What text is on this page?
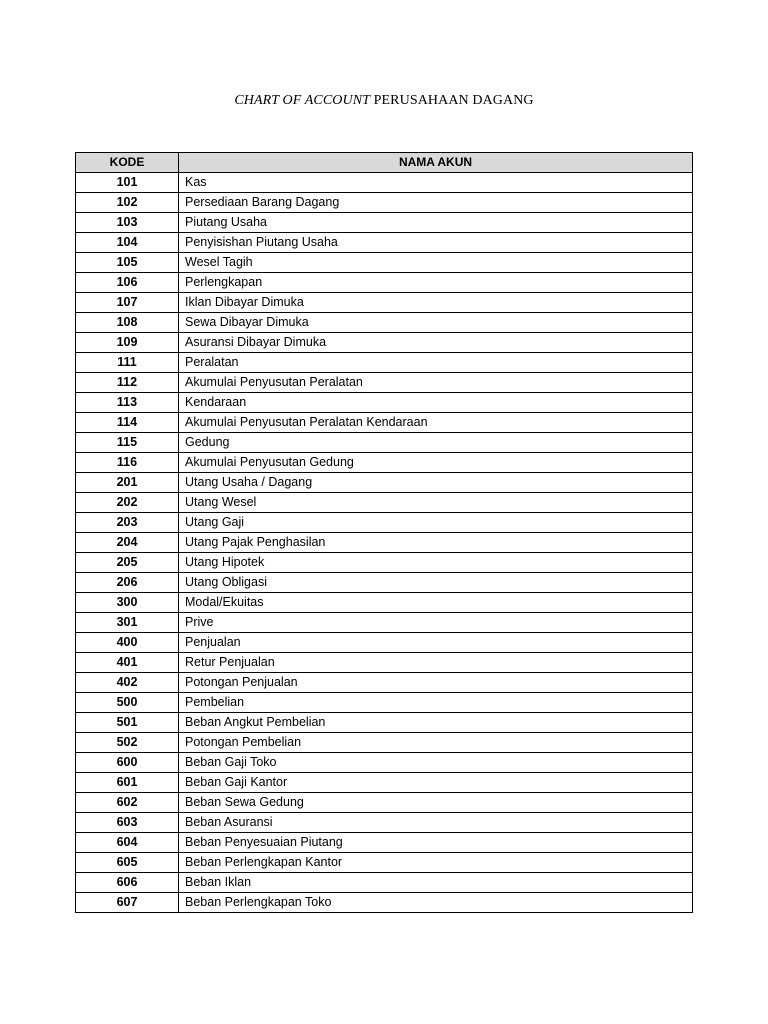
CHART OF ACCOUNT PERUSAHAAN DAGANG
KODE	NAMA AKUN
101	Kas
102	Persediaan Barang Dagang
103	Piutang Usaha
104	Penyisishan Piutang Usaha
105	Wesel Tagih
106	Perlengkapan
107	Iklan Dibayar Dimuka
108	Sewa Dibayar Dimuka
109	Asuransi Dibayar Dimuka
111	Peralatan
112	Akumulai Penyusutan Peralatan
113	Kendaraan
114	Akumulai Penyusutan Peralatan Kendaraan
115	Gedung
116	Akumulai Penyusutan Gedung
201	Utang Usaha / Dagang
202	Utang Wesel
203	Utang Gaji
204	Utang Pajak Penghasilan
205	Utang Hipotek
206	Utang Obligasi
300	Modal/Ekuitas
301	Prive
400	Penjualan
401	Retur Penjualan
402	Potongan Penjualan
500	Pembelian
501	Beban Angkut Pembelian
502	Potongan Pembelian
600	Beban Gaji Toko
601	Beban Gaji Kantor
602	Beban Sewa Gedung
603	Beban Asuransi
604	Beban Penyesuaian Piutang
605	Beban Perlengkapan Kantor
606	Beban Iklan
607	Beban Perlengkapan Toko
